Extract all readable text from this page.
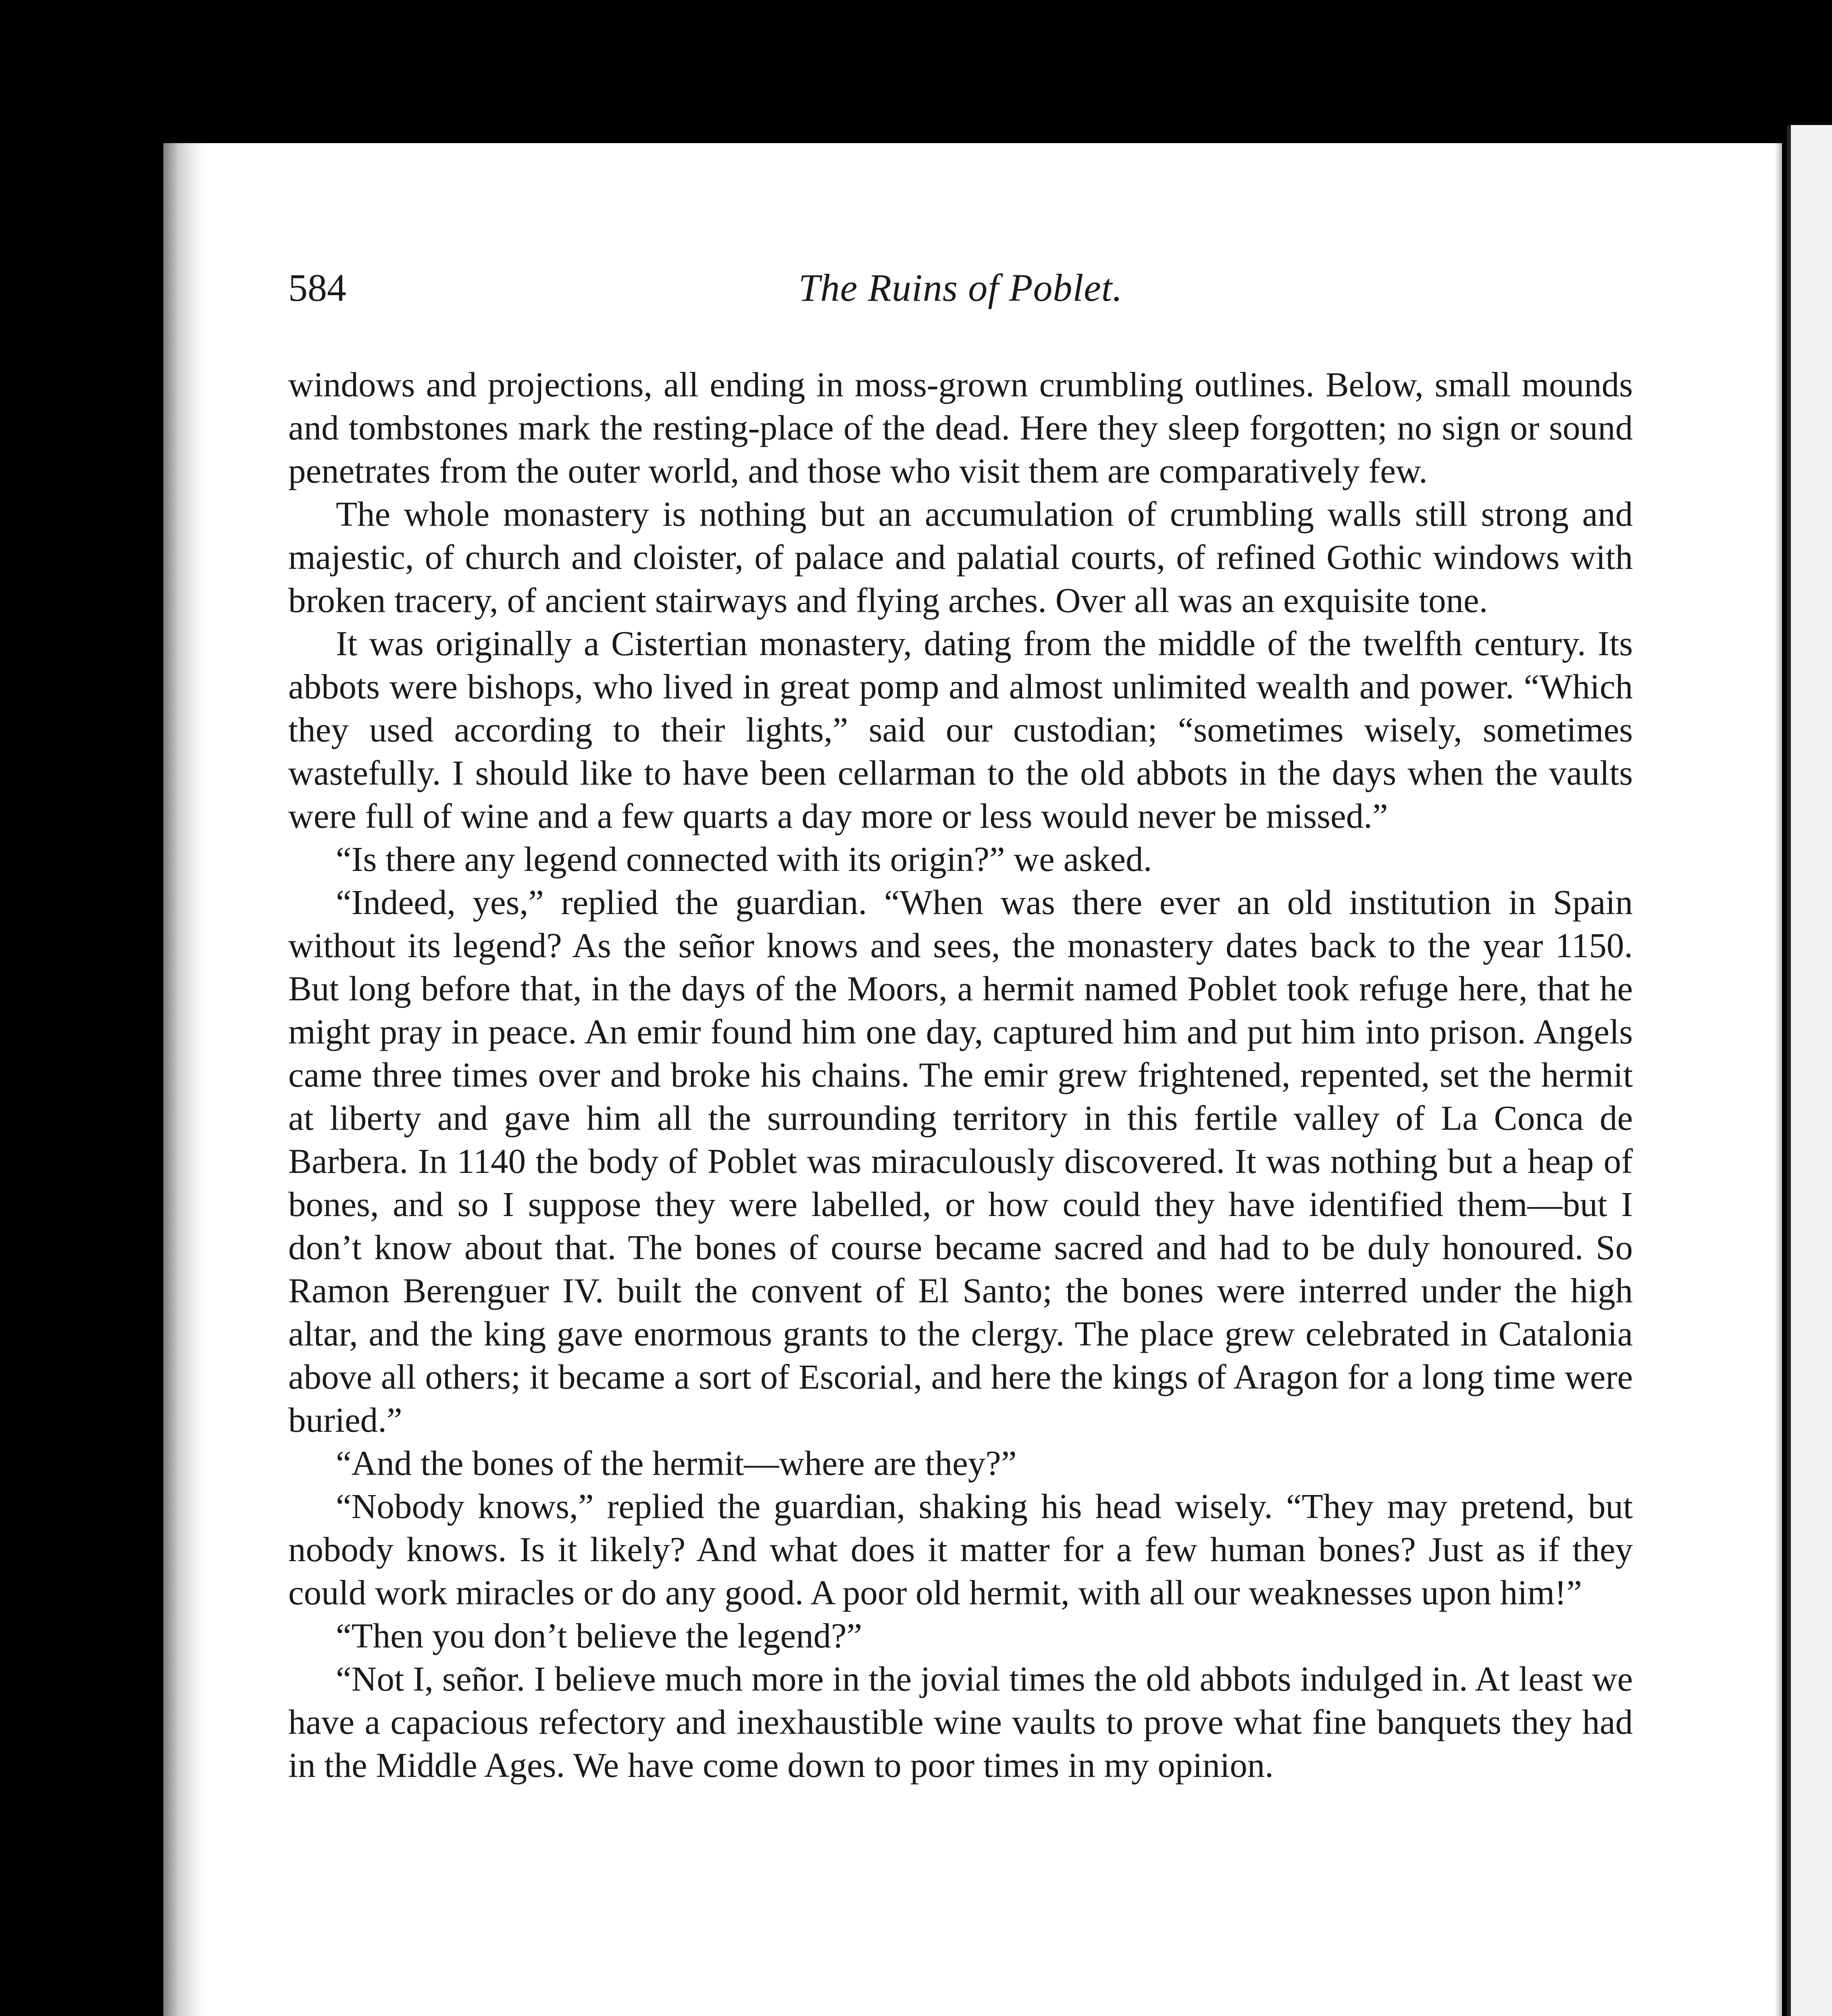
584	The Ruins of Poblet.

windows and projections, all ending in moss-grown crumbling outlines. Below, small mounds and tombstones mark the resting-place of the dead. Here they sleep forgotten; no sign or sound penetrates from the outer world, and those who visit them are comparatively few.

The whole monastery is nothing but an accumulation of crumbling walls still strong and majestic, of church and cloister, of palace and palatial courts, of refined Gothic windows with broken tracery, of ancient stairways and flying arches. Over all was an exquisite tone.

It was originally a Cistertian monastery, dating from the middle of the twelfth century. Its abbots were bishops, who lived in great pomp and almost unlimited wealth and power. “Which they used according to their lights,” said our custodian; “sometimes wisely, sometimes wastefully. I should like to have been cellarman to the old abbots in the days when the vaults were full of wine and a few quarts a day more or less would never be missed.”

“Is there any legend connected with its origin?” we asked.

“Indeed, yes,” replied the guardian. “When was there ever an old institution in Spain without its legend? As the señor knows and sees, the monastery dates back to the year 1150. But long before that, in the days of the Moors, a hermit named Poblet took refuge here, that he might pray in peace. An emir found him one day, captured him and put him into prison. Angels came three times over and broke his chains. The emir grew frightened, repented, set the hermit at liberty and gave him all the surrounding territory in this fertile valley of La Conca de Barbera. In 1140 the body of Poblet was miraculously discovered. It was nothing but a heap of bones, and so I suppose they were labelled, or how could they have identified them—but I don’t know about that. The bones of course became sacred and had to be duly honoured. So Ramon Berenguer IV. built the convent of El Santo; the bones were interred under the high altar, and the king gave enormous grants to the clergy. The place grew celebrated in Catalonia above all others; it became a sort of Escorial, and here the kings of Aragon for a long time were buried.”

“And the bones of the hermit—where are they?”

“Nobody knows,” replied the guardian, shaking his head wisely. “They may pretend, but nobody knows. Is it likely? And what does it matter for a few human bones? Just as if they could work miracles or do any good. A poor old hermit, with all our weaknesses upon him!”

“Then you don’t believe the legend?”

“Not I, señor. I believe much more in the jovial times the old abbots indulged in. At least we have a capacious refectory and inexhaustible wine vaults to prove what fine banquets they had in the Middle Ages. We have come down to poor times in my opinion.
